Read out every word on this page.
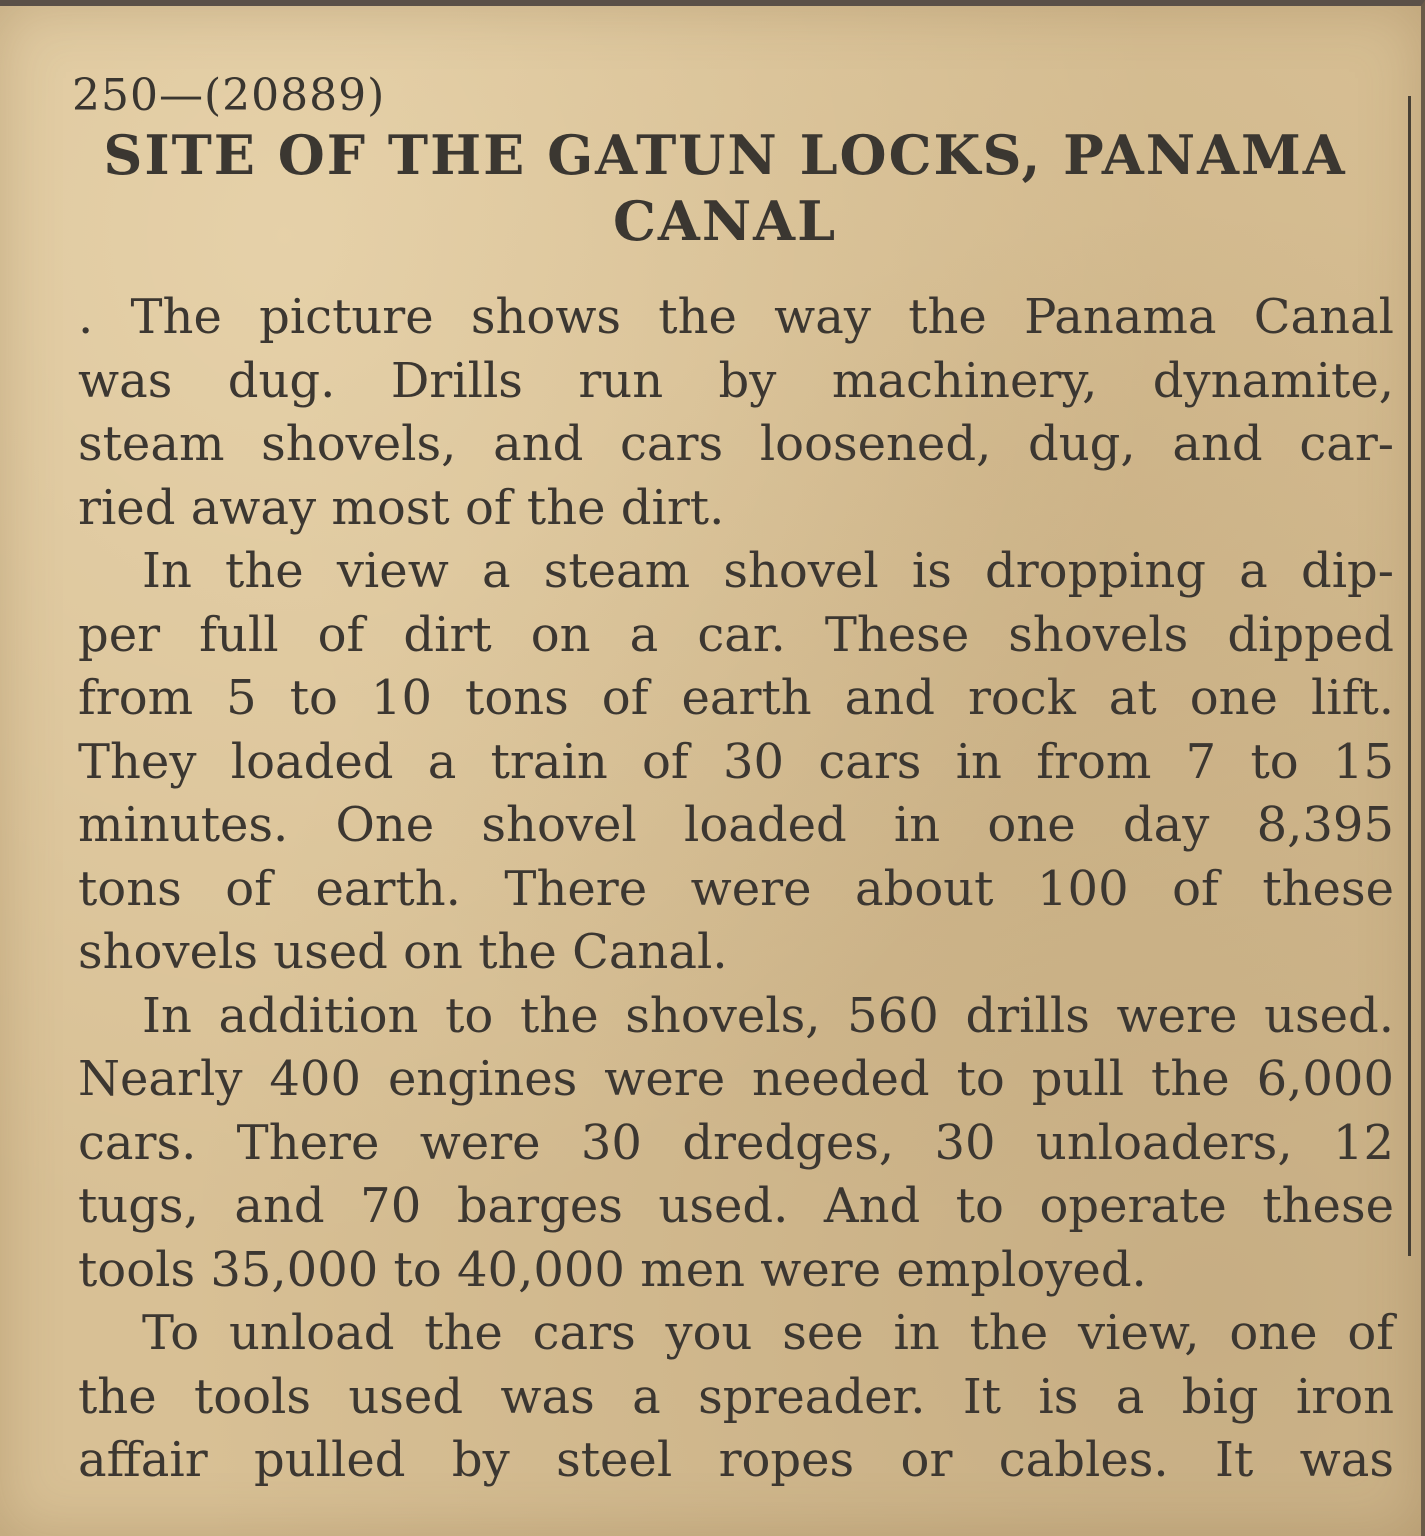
250—(20889)
SITE OF THE GATUN LOCKS, PANAMA
CANAL
. The picture shows the way the Panama Canal
was dug. Drills run by machinery, dynamite,
steam shovels, and cars loosened, dug, and car-
ried away most of the dirt.
In the view a steam shovel is dropping a dip-
per full of dirt on a car. These shovels dipped
from 5 to 10 tons of earth and rock at one lift.
They loaded a train of 30 cars in from 7 to 15
minutes. One shovel loaded in one day 8,395
tons of earth. There were about 100 of these
shovels used on the Canal.
In addition to the shovels, 560 drills were used.
Nearly 400 engines were needed to pull the 6,000
cars. There were 30 dredges, 30 unloaders, 12
tugs, and 70 barges used. And to operate these
tools 35,000 to 40,000 men were employed.
To unload the cars you see in the view, one of
the tools used was a spreader. It is a big iron
affair pulled by steel ropes or cables. It was
